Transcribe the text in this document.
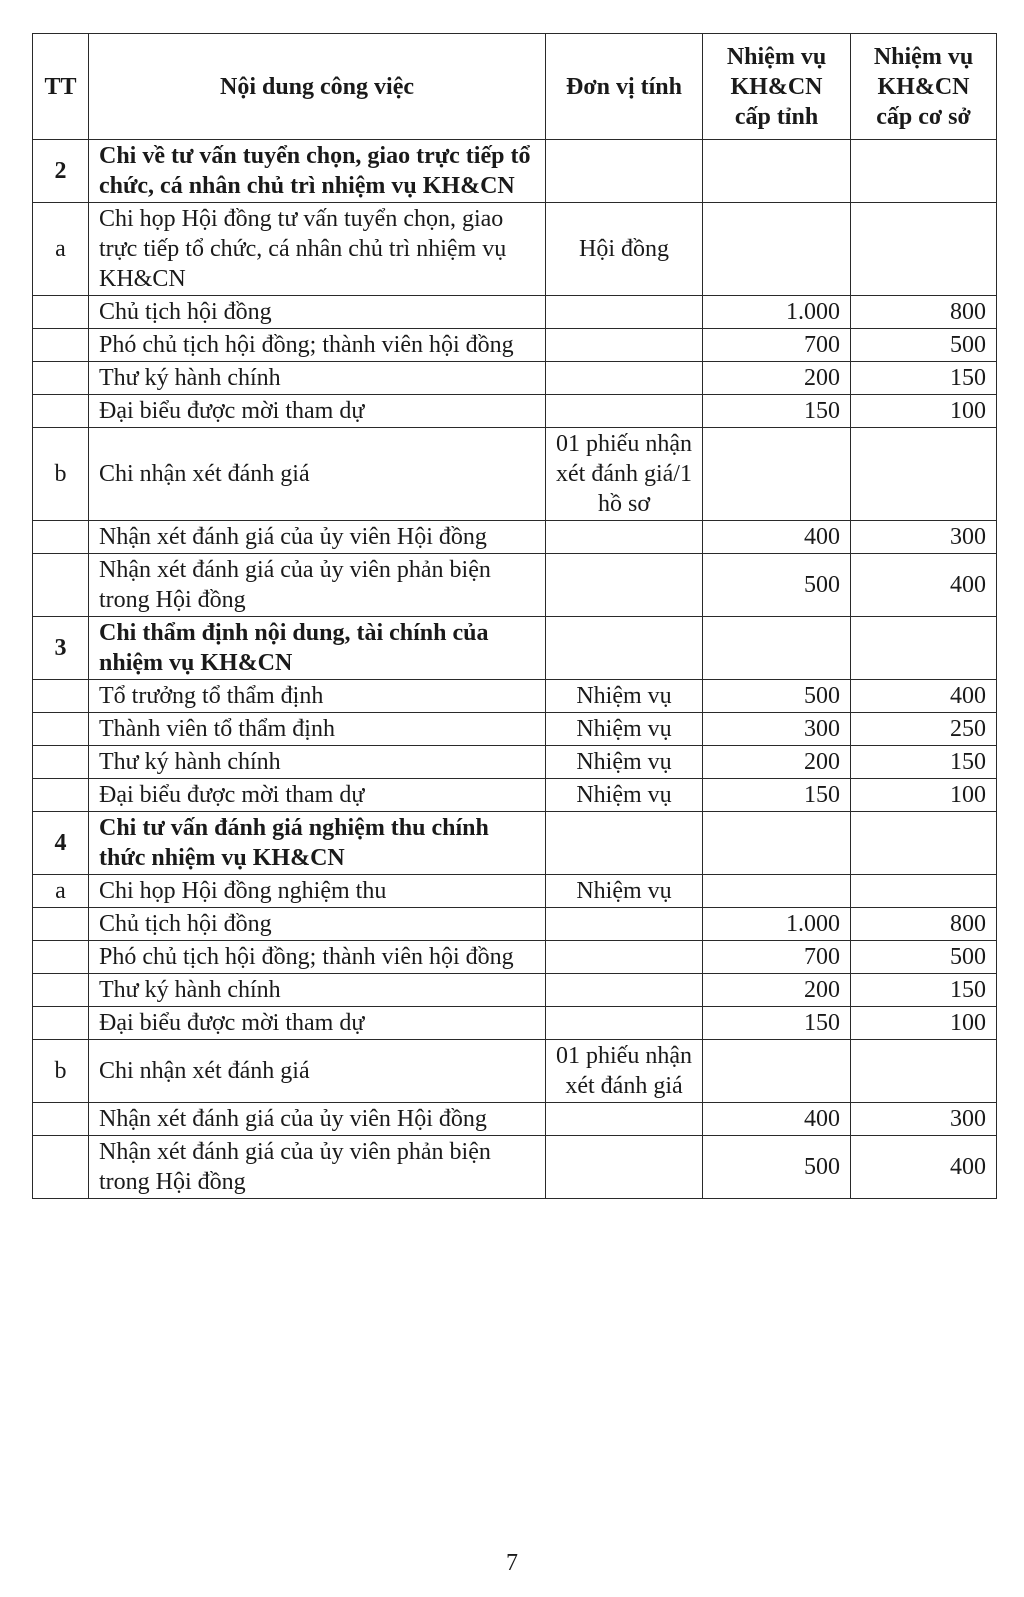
TT	Nội dung công việc	Đơn vị tính	Nhiệm vụ KH&CN cấp tỉnh	Nhiệm vụ KH&CN cấp cơ sở
2	Chi về tư vấn tuyển chọn, giao trực tiếp tổ chức, cá nhân chủ trì nhiệm vụ KH&CN			
a	Chi họp Hội đồng tư vấn tuyển chọn, giao trực tiếp tổ chức, cá nhân chủ trì nhiệm vụ KH&CN	Hội đồng		
	Chủ tịch hội đồng		1.000	800
	Phó chủ tịch hội đồng; thành viên hội đồng		700	500
	Thư ký hành chính		200	150
	Đại biểu được mời tham dự		150	100
b	Chi nhận xét đánh giá	01 phiếu nhận xét đánh giá/1 hồ sơ		
	Nhận xét đánh giá của ủy viên Hội đồng		400	300
	Nhận xét đánh giá của ủy viên phản biện trong Hội đồng		500	400
3	Chi thẩm định nội dung, tài chính của nhiệm vụ KH&CN			
	Tổ trưởng tổ thẩm định	Nhiệm vụ	500	400
	Thành viên tổ thẩm định	Nhiệm vụ	300	250
	Thư ký hành chính	Nhiệm vụ	200	150
	Đại biểu được mời tham dự	Nhiệm vụ	150	100
4	Chi tư vấn đánh giá nghiệm thu chính thức nhiệm vụ KH&CN			
a	Chi họp Hội đồng nghiệm thu	Nhiệm vụ		
	Chủ tịch hội đồng		1.000	800
	Phó chủ tịch hội đồng; thành viên hội đồng		700	500
	Thư ký hành chính		200	150
	Đại biểu được mời tham dự		150	100
b	Chi nhận xét đánh giá	01 phiếu nhận xét đánh giá		
	Nhận xét đánh giá của ủy viên Hội đồng		400	300
	Nhận xét đánh giá của ủy viên phản biện trong Hội đồng		500	400
7
